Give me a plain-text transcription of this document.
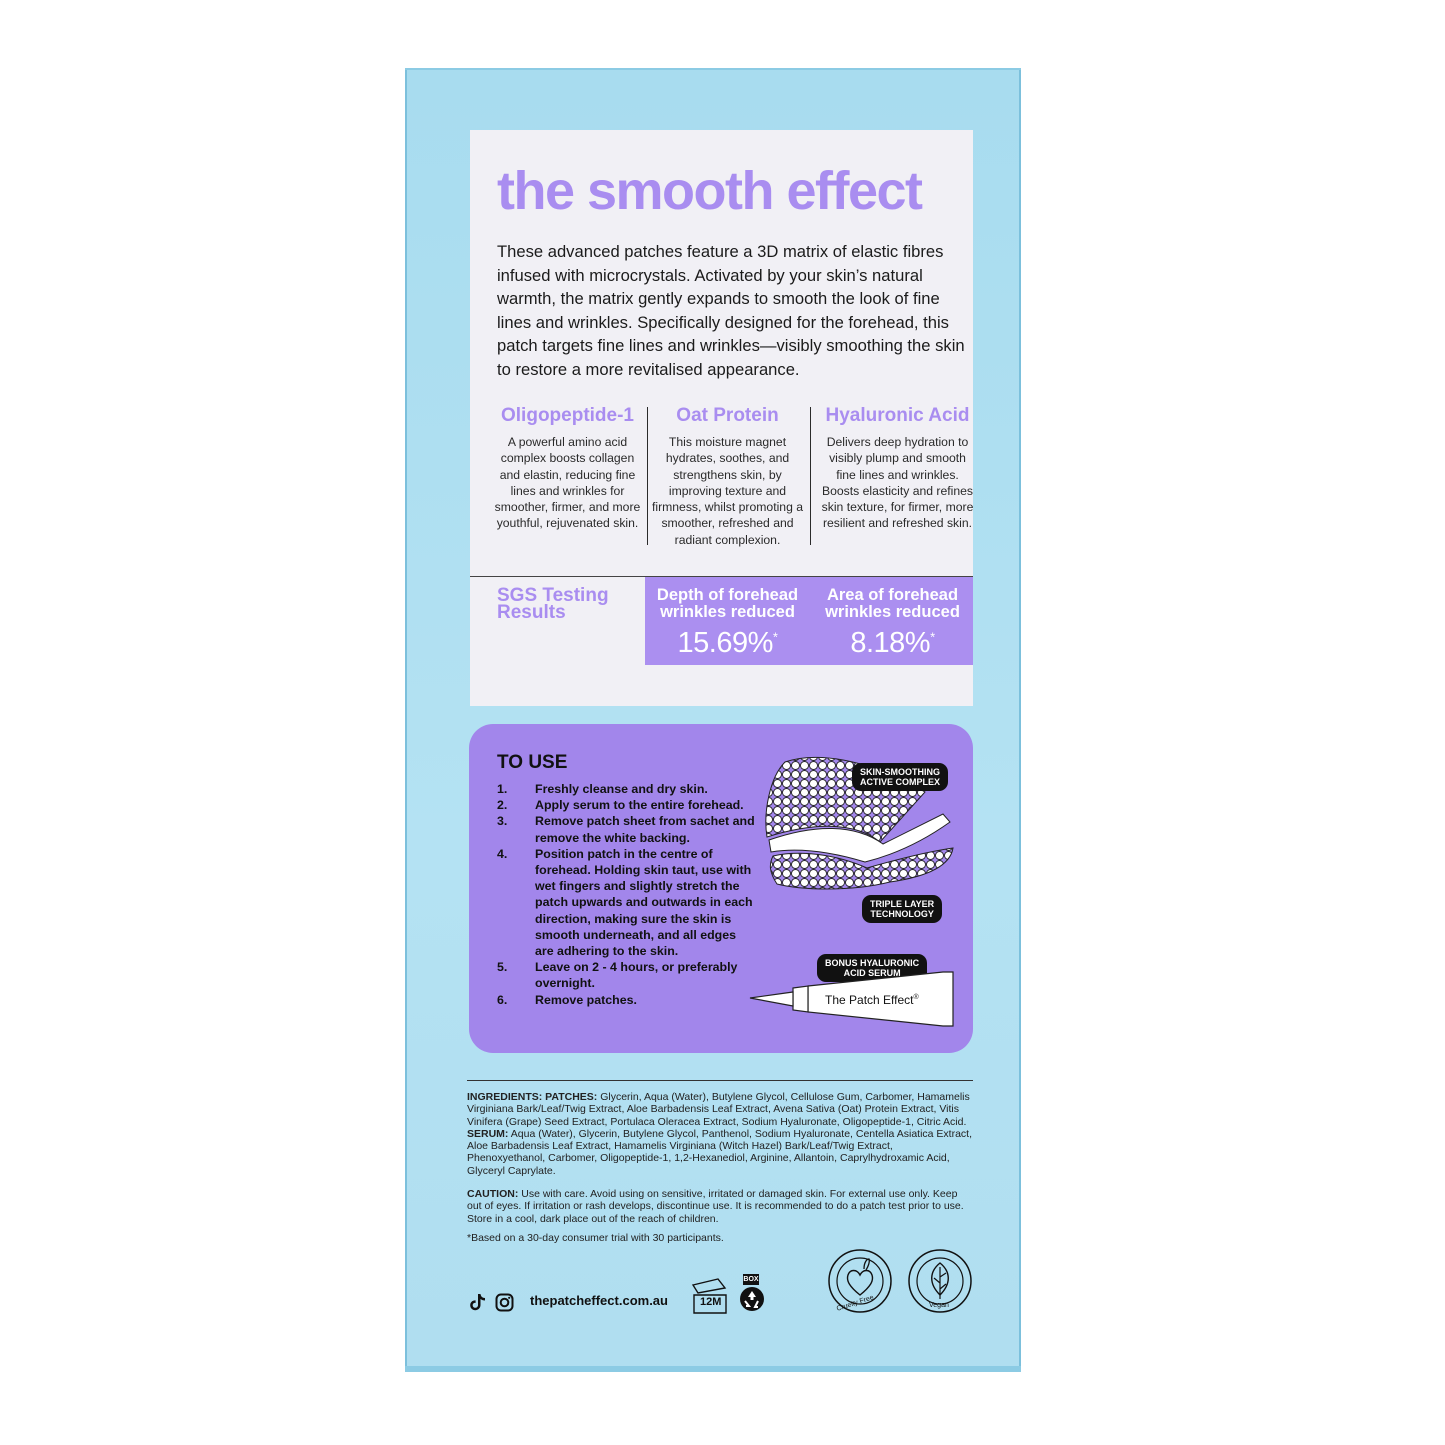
the smooth effect
These advanced patches feature a 3D matrix of elastic fibres infused with microcrystals. Activated by your skin’s natural warmth, the matrix gently expands to smooth the look of fine lines and wrinkles. Specifically designed for the forehead, this patch targets fine lines and wrinkles—visibly smoothing the skin to restore a more revitalised appearance.
Oligopeptide-1

A powerful amino acid complex boosts collagen and elastin, reducing fine lines and wrinkles for smoother, firmer, and more youthful, rejuvenated skin.

Oat Protein

This moisture magnet hydrates, soothes, and strengthens skin, by improving texture and firmness, whilst promoting a smoother, refreshed and radiant complexion.

Hyaluronic Acid

Delivers deep hydration to visibly plump and smooth fine lines and wrinkles. Boosts elasticity and refines skin texture, for firmer, more resilient and refreshed skin.

SGS Testing Results
Depth of forehead wrinkles reduced
15.69%*
Area of forehead wrinkles reduced
8.18%*
TO USE
1. Freshly cleanse and dry skin.
2. Apply serum to the entire forehead.
3. Remove patch sheet from sachet and remove the white backing.
4. Position patch in the centre of forehead. Holding skin taut, use with wet fingers and slightly stretch the patch upwards and outwards in each direction, making sure the skin is smooth underneath, and all edges are adhering to the skin.
5. Leave on 2 - 4 hours, or preferably overnight.
6. Remove patches.
SKIN-SMOOTHING
ACTIVE COMPLEX
TRIPLE LAYER
TECHNOLOGY
BONUS HYALURONIC
ACID SERUM
The Patch Effect®
INGREDIENTS: PATCHES: Glycerin, Aqua (Water), Butylene Glycol, Cellulose Gum, Carbomer, Hamamelis Virginiana Bark/Leaf/Twig Extract, Aloe Barbadensis Leaf Extract, Avena Sativa (Oat) Protein Extract, Vitis Vinifera (Grape) Seed Extract, Portulaca Oleracea Extract, Sodium Hyaluronate, Oligopeptide-1, Citric Acid. SERUM: Aqua (Water), Glycerin, Butylene Glycol, Panthenol, Sodium Hyaluronate, Centella Asiatica Extract, Aloe Barbadensis Leaf Extract, Hamamelis Virginiana (Witch Hazel) Bark/Leaf/Twig Extract, Phenoxyethanol, Carbomer, Oligopeptide-1, 1,2-Hexanediol, Arginine, Allantoin, Caprylhydroxamic Acid, Glyceryl Caprylate.
CAUTION: Use with care. Avoid using on sensitive, irritated or damaged skin. For external use only. Keep out of eyes. If irritation or rash develops, discontinue use. It is recommended to do a patch test prior to use. Store in a cool, dark place out of the reach of children.
*Based on a 30-day consumer trial with 30 participants.
thepatcheffect.com.au	12M
BOX
Cruelty Free	Vegan
